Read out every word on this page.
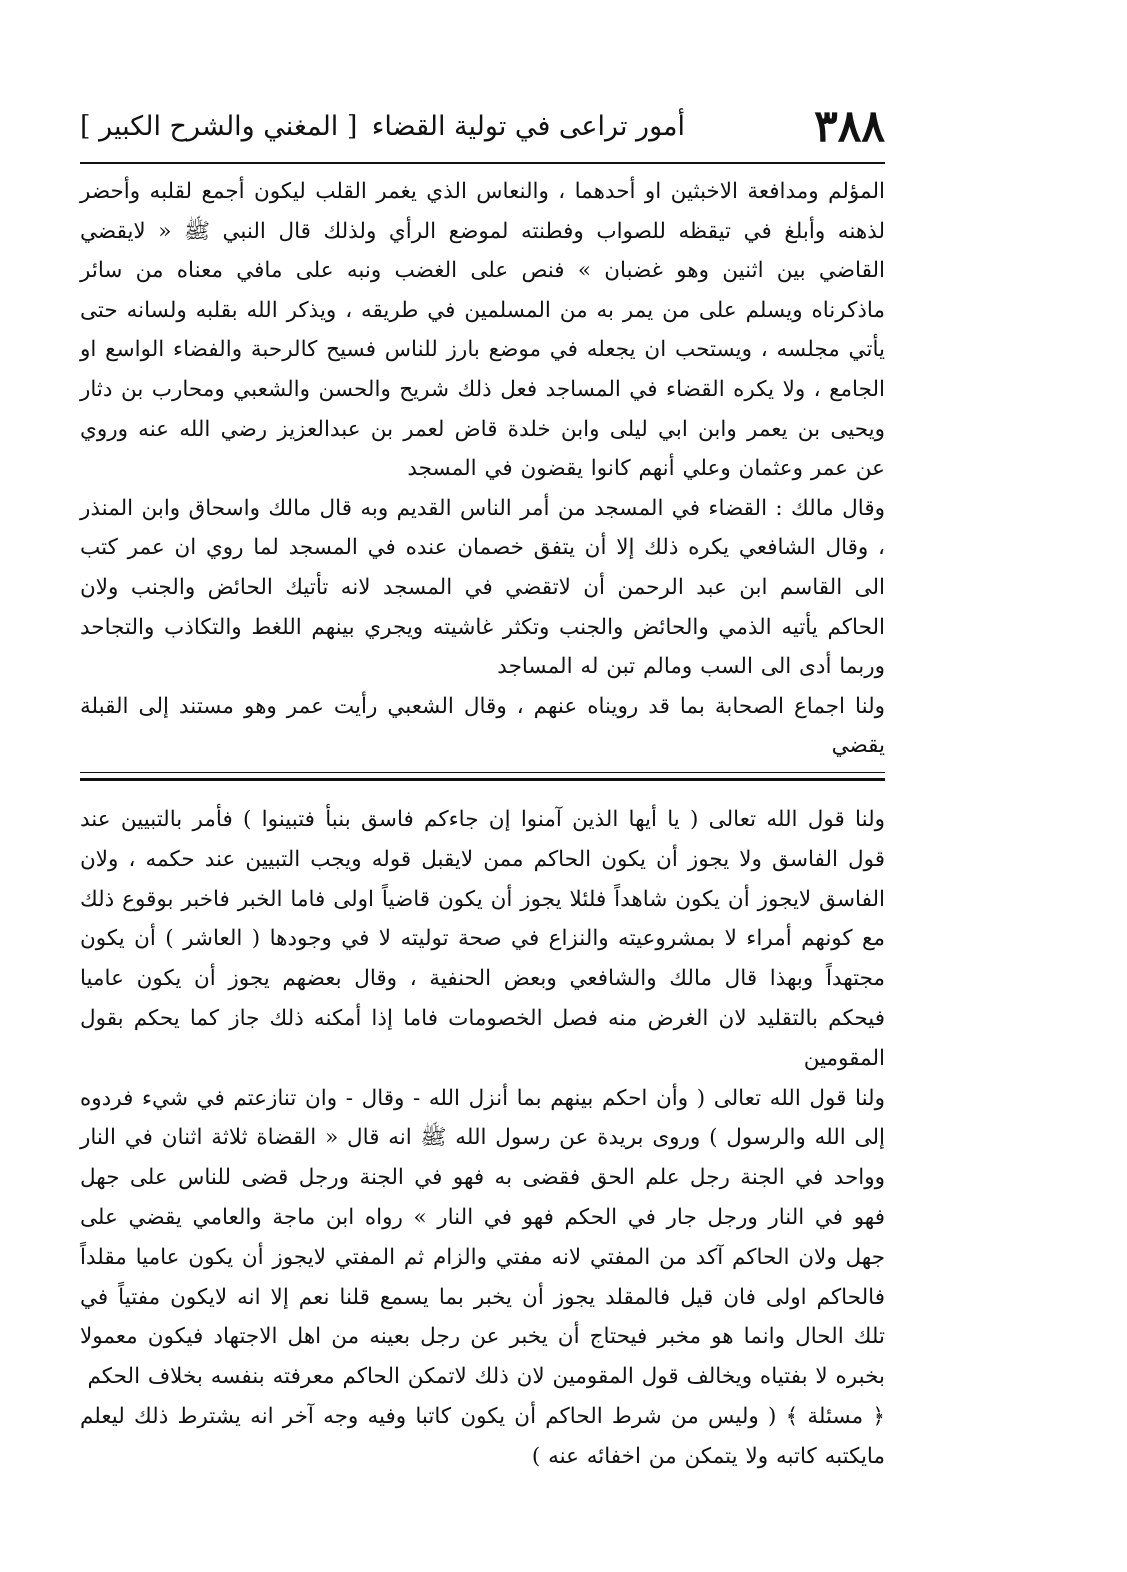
٣٨٨
أمور تراعى في تولية القضاء
[ المغني والشرح الكبير ]

المؤلم ومدافعة الاخبثين او أحدهما ، والنعاس الذي يغمر القلب ليكون أجمع لقلبه وأحضر لذهنه وأبلغ في تيقظه للصواب وفطنته لموضع الرأي ولذلك قال النبي ﷺ « لايقضي القاضي بين اثنين وهو غضبان » فنص على الغضب ونبه على مافي معناه من سائر ماذكرناه ويسلم على من يمر به من المسلمين في طريقه ، ويذكر الله بقلبه ولسانه حتى يأتي مجلسه ، ويستحب ان يجعله في موضع بارز للناس فسيح كالرحبة والفضاء الواسع او الجامع ، ولا يكره القضاء في المساجد فعل ذلك شريح والحسن والشعبي ومحارب بن دثار ويحيى بن يعمر وابن ابي ليلى وابن خلدة قاض لعمر بن عبدالعزيز رضي الله عنه وروي عن عمر وعثمان وعلي أنهم كانوا يقضون في المسجد

وقال مالك : القضاء في المسجد من أمر الناس القديم وبه قال مالك واسحاق وابن المنذر ، وقال الشافعي يكره ذلك إلا أن يتفق خصمان عنده في المسجد لما روي ان عمر كتب الى القاسم ابن عبد الرحمن أن لاتقضي في المسجد لانه تأتيك الحائض والجنب ولان الحاكم يأتيه الذمي والحائض والجنب وتكثر غاشيته ويجري بينهم اللغط والتكاذب والتجاحد وربما أدى الى السب ومالم تبن له المساجد

ولنا اجماع الصحابة بما قد رويناه عنهم ، وقال الشعبي رأيت عمر وهو مستند إلى القبلة يقضي

ولنا قول الله تعالى ( يا أيها الذين آمنوا إن جاءكم فاسق بنبأ فتبينوا ) فأمر بالتبيين عند قول الفاسق ولا يجوز أن يكون الحاكم ممن لايقبل قوله ويجب التبيين عند حكمه ، ولان الفاسق لايجوز أن يكون شاهداً فلئلا يجوز أن يكون قاضياً اولى فاما الخبر فاخبر بوقوع ذلك مع كونهم أمراء لا بمشروعيته والنزاع في صحة توليته لا في وجودها ( العاشر ) أن يكون مجتهداً وبهذا قال مالك والشافعي وبعض الحنفية ، وقال بعضهم يجوز أن يكون عاميا فيحكم بالتقليد لان الغرض منه فصل الخصومات فاما إذا أمكنه ذلك جاز كما يحكم بقول المقومين

ولنا قول الله تعالى ( وأن احكم بينهم بما أنزل الله - وقال - وان تنازعتم في شيء فردوه إلى الله والرسول ) وروى بريدة عن رسول الله ﷺ انه قال « القضاة ثلاثة اثنان في النار وواحد في الجنة رجل علم الحق فقضى به فهو في الجنة ورجل قضى للناس على جهل فهو في النار ورجل جار في الحكم فهو في النار » رواه ابن ماجة والعامي يقضي على جهل ولان الحاكم آكد من المفتي لانه مفتي والزام ثم المفتي لايجوز أن يكون عاميا مقلداً فالحاكم اولى فان قيل فالمقلد يجوز أن يخبر بما يسمع قلنا نعم إلا انه لايكون مفتياً في تلك الحال وانما هو مخبر فيحتاج أن يخبر عن رجل بعينه من اهل الاجتهاد فيكون معمولا بخبره لا بفتياه ويخالف قول المقومين لان ذلك لاتمكن الحاكم معرفته بنفسه بخلاف الحكم

﴿ مسئلة ﴾ ( وليس من شرط الحاكم أن يكون كاتبا وفيه وجه آخر انه يشترط ذلك ليعلم مايكتبه كاتبه ولا يتمكن من اخفائه عنه )
